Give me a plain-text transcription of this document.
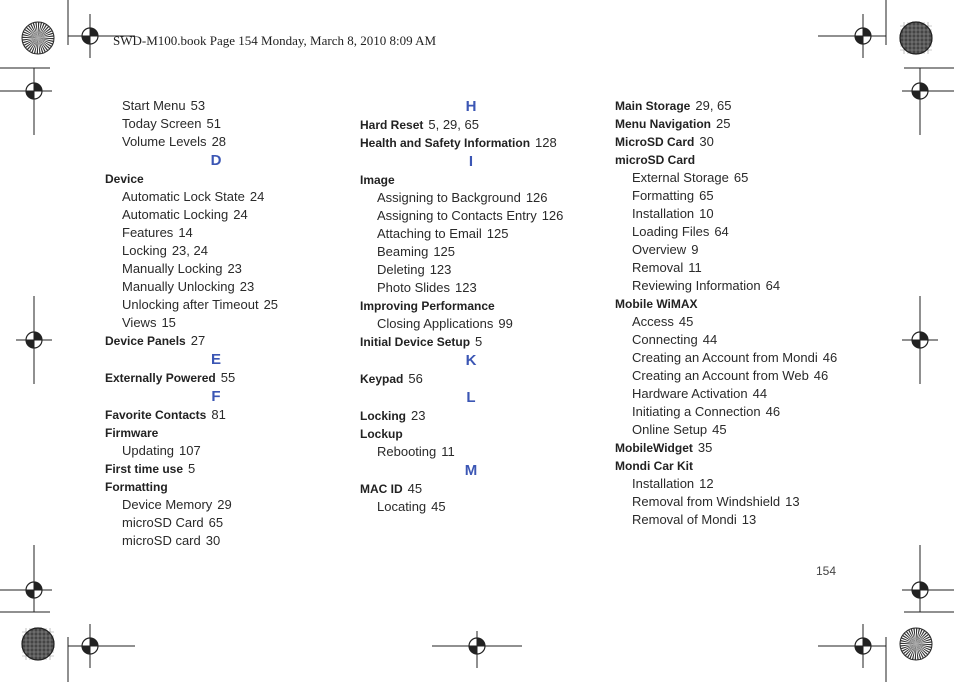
SWD-M100.book Page 154 Monday, March 8, 2010 8:09 AM
Start Menu 53
Today Screen 51
Volume Levels 28
D
Device
Automatic Lock State 24
Automatic Locking 24
Features 14
Locking 23, 24
Manually Locking 23
Manually Unlocking 23
Unlocking after Timeout 25
Views 15
Device Panels 27
E
Externally Powered 55
F
Favorite Contacts 81
Firmware
Updating 107
First time use 5
Formatting
Device Memory 29
microSD Card 65
microSD card 30
H
Hard Reset 5, 29, 65
Health and Safety Information 128
I
Image
Assigning to Background 126
Assigning to Contacts Entry 126
Attaching to Email 125
Beaming 125
Deleting 123
Photo Slides 123
Improving Performance
Closing Applications 99
Initial Device Setup 5
K
Keypad 56
L
Locking 23
Lockup
Rebooting 11
M
MAC ID 45
Locating 45
Main Storage 29, 65
Menu Navigation 25
MicroSD Card 30
microSD Card
External Storage 65
Formatting 65
Installation 10
Loading Files 64
Overview 9
Removal 11
Reviewing Information 64
Mobile WiMAX
Access 45
Connecting 44
Creating an Account from Mondi 46
Creating an Account from Web 46
Hardware Activation 44
Initiating a Connection 46
Online Setup 45
MobileWidget 35
Mondi Car Kit
Installation 12
Removal from Windshield 13
Removal of Mondi 13
154
